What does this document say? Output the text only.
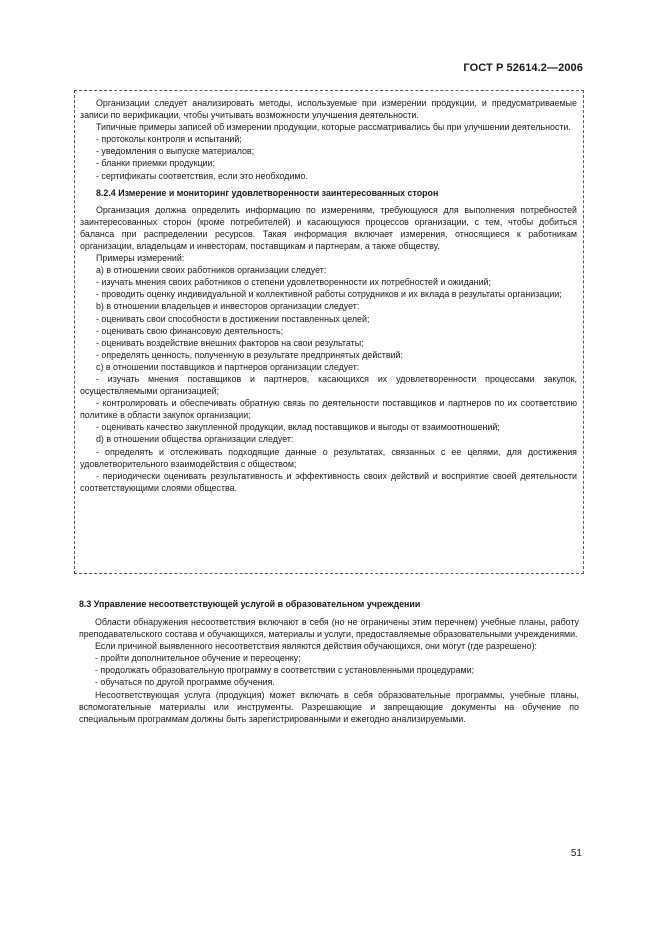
ГОСТ Р 52614.2—2006

Организации следует анализировать методы, используемые при измерении продукции, и предусматриваемые записи по верификации, чтобы учитывать возможности улучшения деятельности.

Типичные примеры записей об измерении продукции, которые рассматривались бы при улучшении деятельности.

- протоколы контроля и испытаний;

- уведомления о выпуске материалов;

- бланки приемки продукции;

- сертификаты соответствия, если это необходимо.

8.2.4 Измерение и мониторинг удовлетворенности заинтересованных сторон

Организация должна определить информацию по измерениям, требующуюся для выполнения потребностей заинтересованных сторон (кроме потребителей) и касающуюся процессов организации, с тем, чтобы добиться баланса при распределении ресурсов. Такая информация включает измерения, относящиеся к работникам организации, владельцам и инвесторам, поставщикам и партнерам, а также обществу.

Примеры измерений:

а) в отношении своих работников организации следует:

- изучать мнения своих работников о степени удовлетворенности их потребностей и ожиданий;

- проводить оценку индивидуальной и коллективной работы сотрудников и их вклада в результаты организации;

b) в отношении владельцев и инвесторов организации следует:

- оценивать свои способности в достижении поставленных целей;

- оценивать свою финансовую деятельность;

- оценивать воздействие внешних факторов на свои результаты;

- определять ценность, полученную в результате предпринятых действий;

с) в отношении поставщиков и партнеров организации следует:

- изучать мнения поставщиков и партнеров, касающихся их удовлетворенности процессами закупок, осуществляемыми организацией;

- контролировать и обеспечивать обратную связь по деятельности поставщиков и партнеров по их соответствию политике в области закупок организации;

- оценивать качество закупленной продукции, вклад поставщиков и выгоды от взаимоотношений;

d) в отношении общества организации следует:

- определять и отслеживать подходящие данные о результатах, связанных с ее целями, для достижения удовлетворительного взаимодействия с обществом;

- периодически оценивать результативность и эффективность своих действий и восприятие своей деятельности соответствующими слоями общества.

8.3 Управление несоответствующей услугой в образовательном учреждении

Области обнаружения несоответствия включают в себя (но не ограничены этим перечнем) учебные планы, работу преподавательского состава и обучающихся, материалы и услуги, предоставляемые образовательными учреждениями.

Если причиной выявленного несоответствия являются действия обучающихся, они могут (где разрешено):

- пройти дополнительное обучение и переоценку;

- продолжать образовательную программу в соответствии с установленными процедурами;

- обучаться по другой программе обучения.

Несоответствующая услуга (продукция) может включать в себя образовательные программы, учебные планы, вспомогательные материалы или инструменты. Разрешающие и запрещающие документы на обучение по специальным программам должны быть зарегистрированными и ежегодно анализируемыми.

51
